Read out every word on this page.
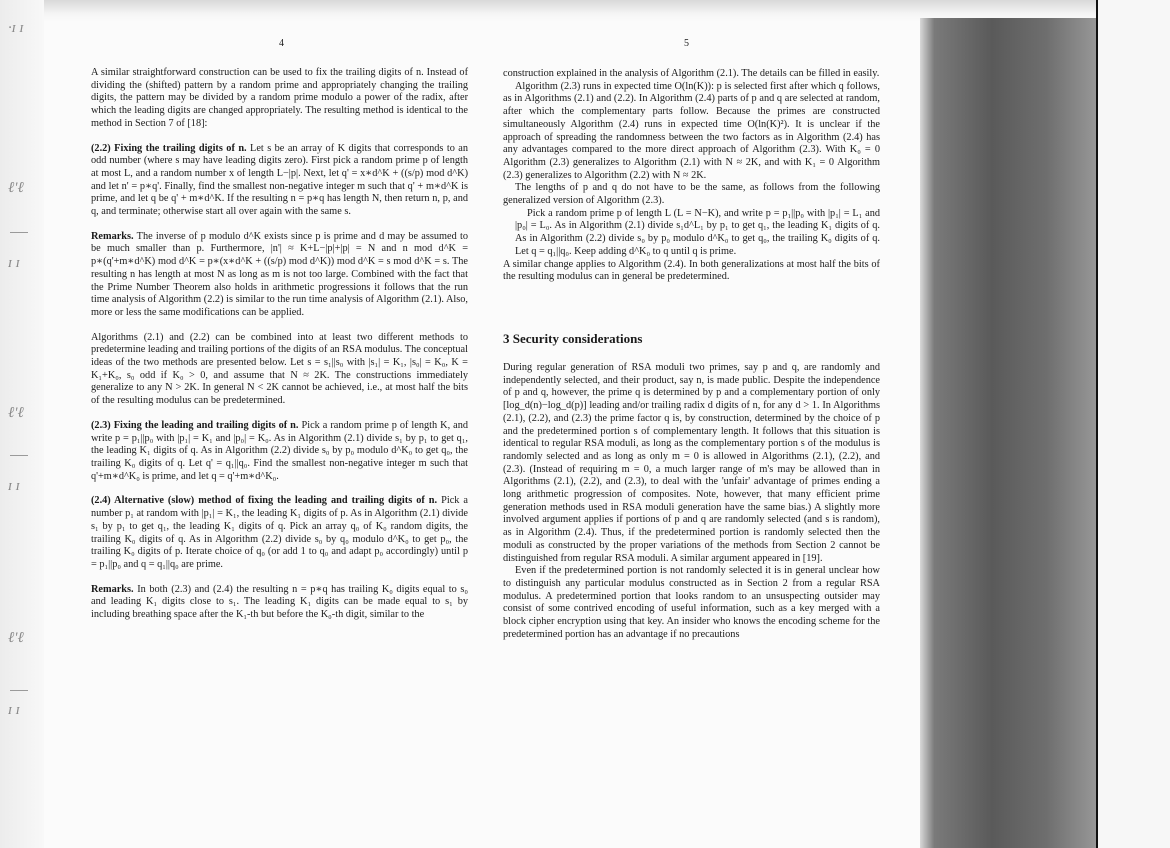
·ɪ ɪ
ℓ'ℓ
ɪ ɪ
ℓ'ℓ
ɪ ɪ
ℓ'ℓ
ɪ ɪ
4	5

A similar straightforward construction can be used to fix the trailing digits of n. Instead of dividing the (shifted) pattern by a random prime and appropriately changing the trailing digits, the pattern may be divided by a random prime modulo a power of the radix, after which the leading digits are changed appropriately. The resulting method is identical to the method in Section 7 of [18]:

(2.2) Fixing the trailing digits of n. Let s be an array of K digits that corresponds to an odd number (where s may have leading digits zero). First pick a random prime p of length at most L, and a random number x of length L−|p|. Next, let q' = x∗d^K + ((s/p) mod d^K) and let n' = p∗q'. Finally, find the smallest non-negative integer m such that q' + m∗d^K is prime, and let q be q' + m∗d^K. If the resulting n = p∗q has length N, then return n, p, and q, and terminate; otherwise start all over again with the same s.

Remarks. The inverse of p modulo d^K exists since p is prime and d may be assumed to be much smaller than p. Furthermore, |n'| ≈ K+L−|p|+|p| = N and n mod d^K = p∗(q'+m∗d^K) mod d^K = p∗(x∗d^K + ((s/p) mod d^K)) mod d^K = s mod d^K = s. The resulting n has length at most N as long as m is not too large. Combined with the fact that the Prime Number Theorem also holds in arithmetic progressions it follows that the run time analysis of Algorithm (2.2) is similar to the run time analysis of Algorithm (2.1). Also, more or less the same modifications can be applied.

Algorithms (2.1) and (2.2) can be combined into at least two different methods to predetermine leading and trailing portions of the digits of an RSA modulus. The conceptual ideas of the two methods are presented below. Let s = s₁||s₀ with |s₁| = K₁, |s₀| = K₀, K = K₁+K₀, s₀ odd if K₀ > 0, and assume that N ≈ 2K. The constructions immediately generalize to any N > 2K. In general N < 2K cannot be achieved, i.e., at most half the bits of the resulting modulus can be predetermined.

(2.3) Fixing the leading and trailing digits of n. Pick a random prime p of length K, and write p = p₁||p₀ with |p₁| = K₁ and |p₀| = K₀. As in Algorithm (2.1) divide s₁ by p₁ to get q₁, the leading K₁ digits of q. As in Algorithm (2.2) divide s₀ by p₀ modulo d^K₀ to get q₀, the trailing K₀ digits of q. Let q' = q₁||q₀. Find the smallest non-negative integer m such that q'+m∗d^K₀ is prime, and let q = q'+m∗d^K₀.

(2.4) Alternative (slow) method of fixing the leading and trailing digits of n. Pick a number p₁ at random with |p₁| = K₁, the leading K₁ digits of p. As in Algorithm (2.1) divide s₁ by p₁ to get q₁, the leading K₁ digits of q. Pick an array q₀ of K₀ random digits, the trailing K₀ digits of q. As in Algorithm (2.2) divide s₀ by q₀ modulo d^K₀ to get p₀, the trailing K₀ digits of p. Iterate choice of q₀ (or add 1 to q₀ and adapt p₀ accordingly) until p = p₁||p₀ and q = q₁||q₀ are prime.

Remarks. In both (2.3) and (2.4) the resulting n = p∗q has trailing K₀ digits equal to s₀ and leading K₁ digits close to s₁. The leading K₁ digits can be made equal to s₁ by including breathing space after the K₁-th but before the K₀-th digit, similar to the

construction explained in the analysis of Algorithm (2.1). The details can be filled in easily.

Algorithm (2.3) runs in expected time O(ln(K)): p is selected first after which q follows, as in Algorithms (2.1) and (2.2). In Algorithm (2.4) parts of p and q are selected at random, after which the complementary parts follow. Because the primes are constructed simultaneously Algorithm (2.4) runs in expected time O(ln(K)²). It is unclear if the approach of spreading the randomness between the two factors as in Algorithm (2.4) has any advantages compared to the more direct approach of Algorithm (2.3). With K₀ = 0 Algorithm (2.3) generalizes to Algorithm (2.1) with N ≈ 2K, and with K₁ = 0 Algorithm (2.3) generalizes to Algorithm (2.2) with N ≈ 2K.

The lengths of p and q do not have to be the same, as follows from the following generalized version of Algorithm (2.3).

Pick a random prime p of length L (L = N−K), and write p = p₁||p₀ with |p₁| = L₁ and |p₀| = L₀. As in Algorithm (2.1) divide s₁d^L₁ by p₁ to get q₁, the leading K₁ digits of q. As in Algorithm (2.2) divide s₀ by p₀ modulo d^K₀ to get q₀, the trailing K₀ digits of q. Let q = q₁||q₀. Keep adding d^K₀ to q until q is prime.

A similar change applies to Algorithm (2.4). In both generalizations at most half the bits of the resulting modulus can in general be predetermined.

3 Security considerations

During regular generation of RSA moduli two primes, say p and q, are randomly and independently selected, and their product, say n, is made public. Despite the independence of p and q, however, the prime q is determined by p and a complementary portion of only [log_d(n)−log_d(p)] leading and/or trailing radix d digits of n, for any d > 1. In Algorithms (2.1), (2.2), and (2.3) the prime factor q is, by construction, determined by the choice of p and the predetermined portion s of complementary length. It follows that this situation is identical to regular RSA moduli, as long as the complementary portion s of the modulus is randomly selected and as long as only m = 0 is allowed in Algorithms (2.1), (2.2), and (2.3). (Instead of requiring m = 0, a much larger range of m's may be allowed than in Algorithms (2.1), (2.2), and (2.3), to deal with the 'unfair' advantage of primes ending a long arithmetic progression of composites. Note, however, that many efficient prime generation methods used in RSA moduli generation have the same bias.) A slightly more involved argument applies if portions of p and q are randomly selected (and s is random), as in Algorithm (2.4). Thus, if the predetermined portion is randomly selected then the moduli as constructed by the proper variations of the methods from Section 2 cannot be distinguished from regular RSA moduli. A similar argument appeared in [19].

Even if the predetermined portion is not randomly selected it is in general unclear how to distinguish any particular modulus constructed as in Section 2 from a regular RSA modulus. A predetermined portion that looks random to an unsuspecting outsider may consist of some contrived encoding of useful information, such as a key merged with a block cipher encryption using that key. An insider who knows the encoding scheme for the predetermined portion has an advantage if no precautions
